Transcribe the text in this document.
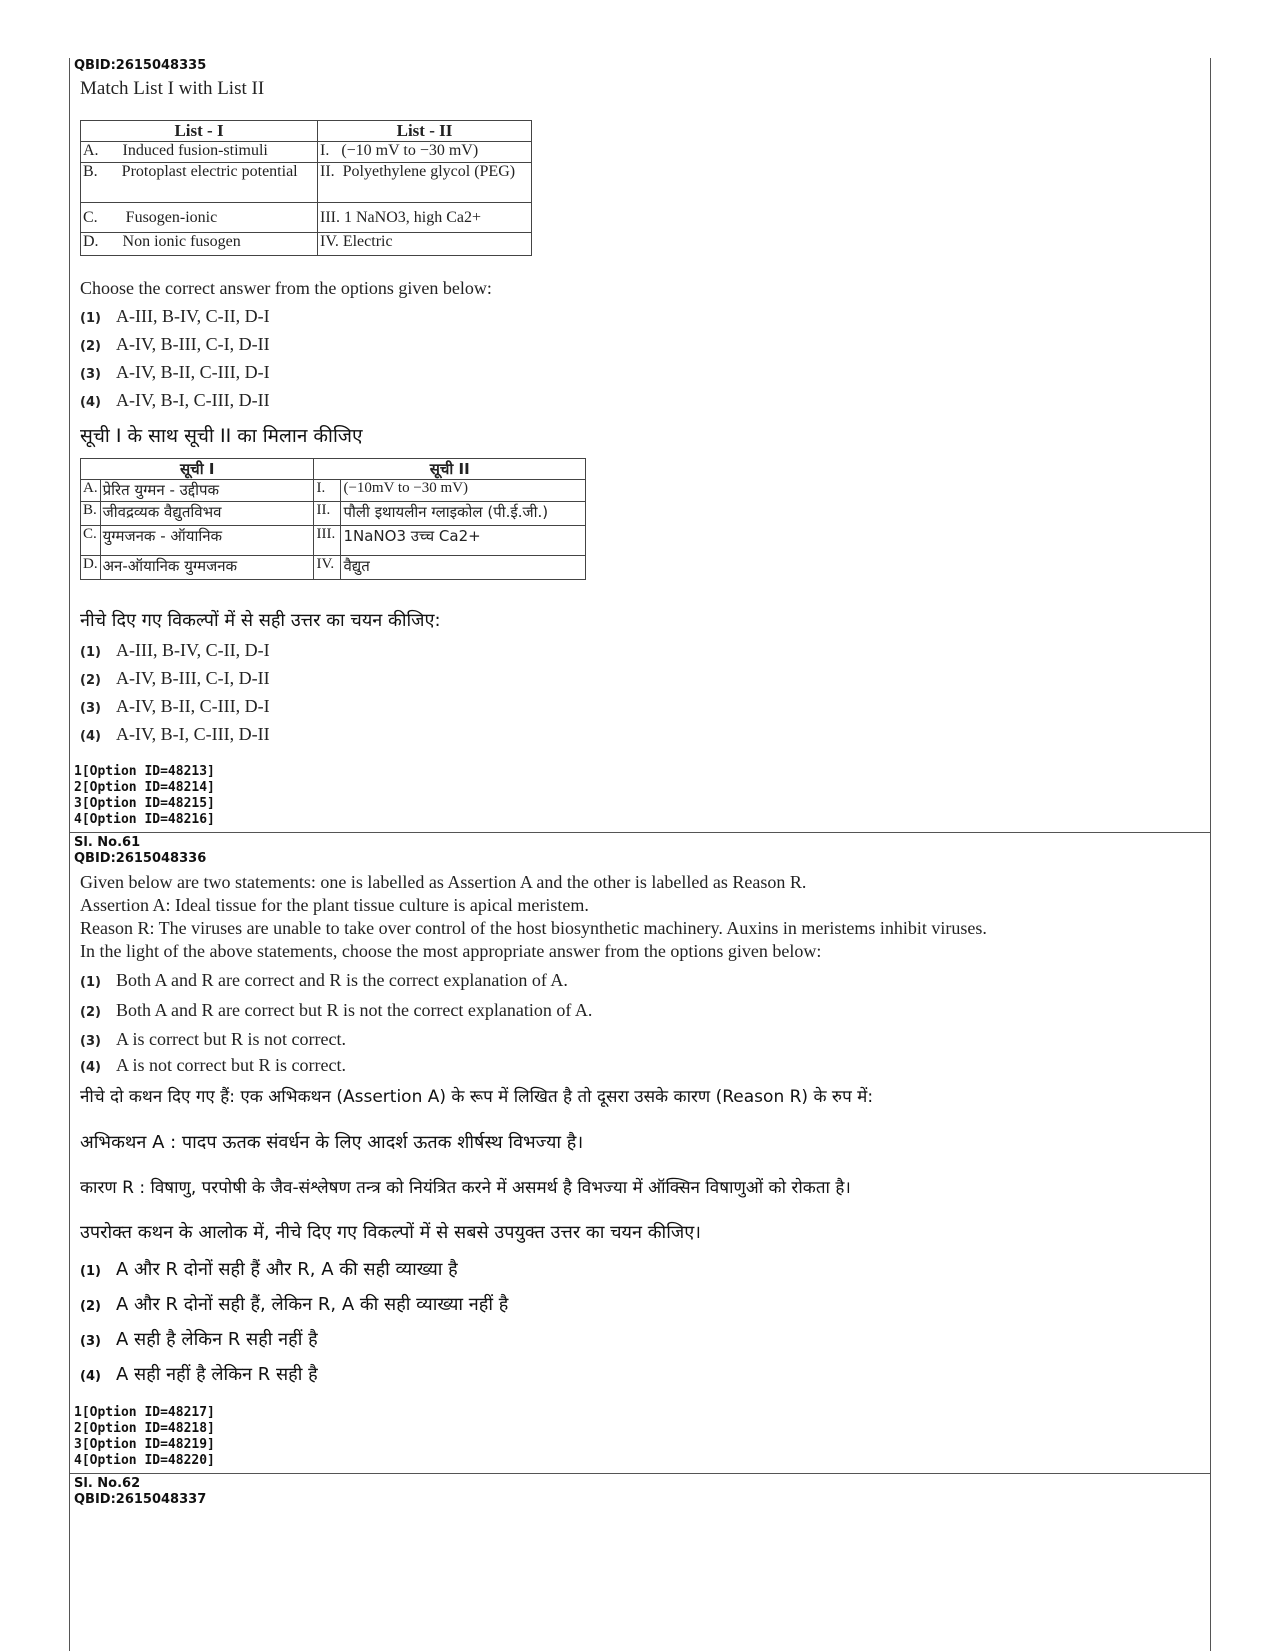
QBID:2615048335
Match List I with List II
List - I	List - II
A.      Induced fusion-stimuli	I.   (−10 mV to −30 mV)
B.      Protoplast electric potential	II.  Polyethylene glycol (PEG)
C.       Fusogen-ionic	III. 1 NaNO3, high Ca2+
D.      Non ionic fusogen	IV. Electric
Choose the correct answer from the options given below:
(1) A-III, B-IV, C-II, D-I
(2) A-IV, B-III, C-I, D-II
(3) A-IV, B-II, C-III, D-I
(4) A-IV, B-I, C-III, D-II
सूची I के साथ सूची II का मिलान कीजिए
सूची I		सूची II	
A.	प्रेरित युग्मन - उद्दीपक	I.	(−10mV to −30 mV)
B.	जीवद्रव्यक वैद्युतविभव	II.	पौली इथायलीन ग्लाइकोल (पी.ई.जी.)
C.	युग्मजनक - ऑयानिक	III.	1NaNO3 उच्च Ca2+
D.	अन-ऑयानिक युग्मजनक	IV.	वैद्युत
नीचे दिए गए विकल्पों में से सही उत्तर का चयन कीजिए:
(1) A-III, B-IV, C-II, D-I
(2) A-IV, B-III, C-I, D-II
(3) A-IV, B-II, C-III, D-I
(4) A-IV, B-I, C-III, D-II
1[Option ID=48213]
2[Option ID=48214]
3[Option ID=48215]
4[Option ID=48216]
Sl. No.61
QBID:2615048336
Given below are two statements: one is labelled as Assertion A and the other is labelled as Reason R.
Assertion A: Ideal tissue for the plant tissue culture is apical meristem.
Reason R: The viruses are unable to take over control of the host biosynthetic machinery. Auxins in meristems inhibit viruses.
In the light of the above statements, choose the most appropriate answer from the options given below:
(1) Both A and R are correct and R is the correct explanation of A.
(2) Both A and R are correct but R is not the correct explanation of A.
(3) A is correct but R is not correct.
(4) A is not correct but R is correct.
नीचे दो कथन दिए गए हैं: एक अभिकथन (Assertion A) के रूप में लिखित है तो दूसरा उसके कारण (Reason R) के रुप में:
अभिकथन A : पादप ऊतक संवर्धन के लिए आदर्श ऊतक शीर्षस्थ विभज्या है।
कारण R : विषाणु, परपोषी के जैव-संश्लेषण तन्त्र को नियंत्रित करने में असमर्थ है विभज्या में ऑक्सिन विषाणुओं को रोकता है।
उपरोक्त कथन के आलोक में, नीचे दिए गए विकल्पों में से सबसे उपयुक्त उत्तर का चयन कीजिए।
(1) A और R दोनों सही हैं और R, A की सही व्याख्या है
(2) A और R दोनों सही हैं, लेकिन R, A की सही व्याख्या नहीं है
(3) A सही है लेकिन R सही नहीं है
(4) A सही नहीं है लेकिन R सही है
1[Option ID=48217]
2[Option ID=48218]
3[Option ID=48219]
4[Option ID=48220]
Sl. No.62
QBID:2615048337
